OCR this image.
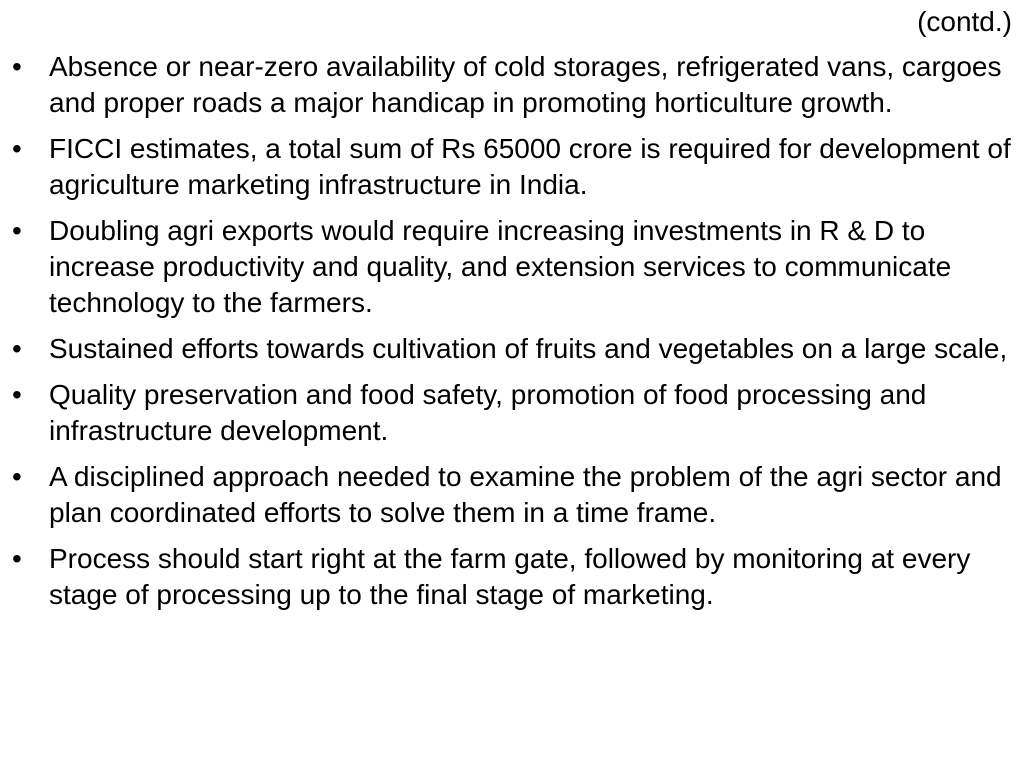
(contd.)
• Absence or near-zero availability of cold storages, refrigerated vans, cargoes and proper roads a major handicap in promoting horticulture growth.
• FICCI estimates, a total sum of Rs 65000 crore is required for development of agriculture marketing infrastructure in India.
• Doubling agri exports would require increasing investments in R & D to increase productivity and quality, and extension services to communicate technology to the farmers.
• Sustained efforts towards cultivation of fruits and vegetables on a large scale,
• Quality preservation and food safety, promotion of food processing and infrastructure development.
• A disciplined approach needed to examine the problem of the agri sector and plan coordinated efforts to solve them in a time frame.
• Process should start right at the farm gate, followed by monitoring at every stage of processing up to the final stage of marketing.
